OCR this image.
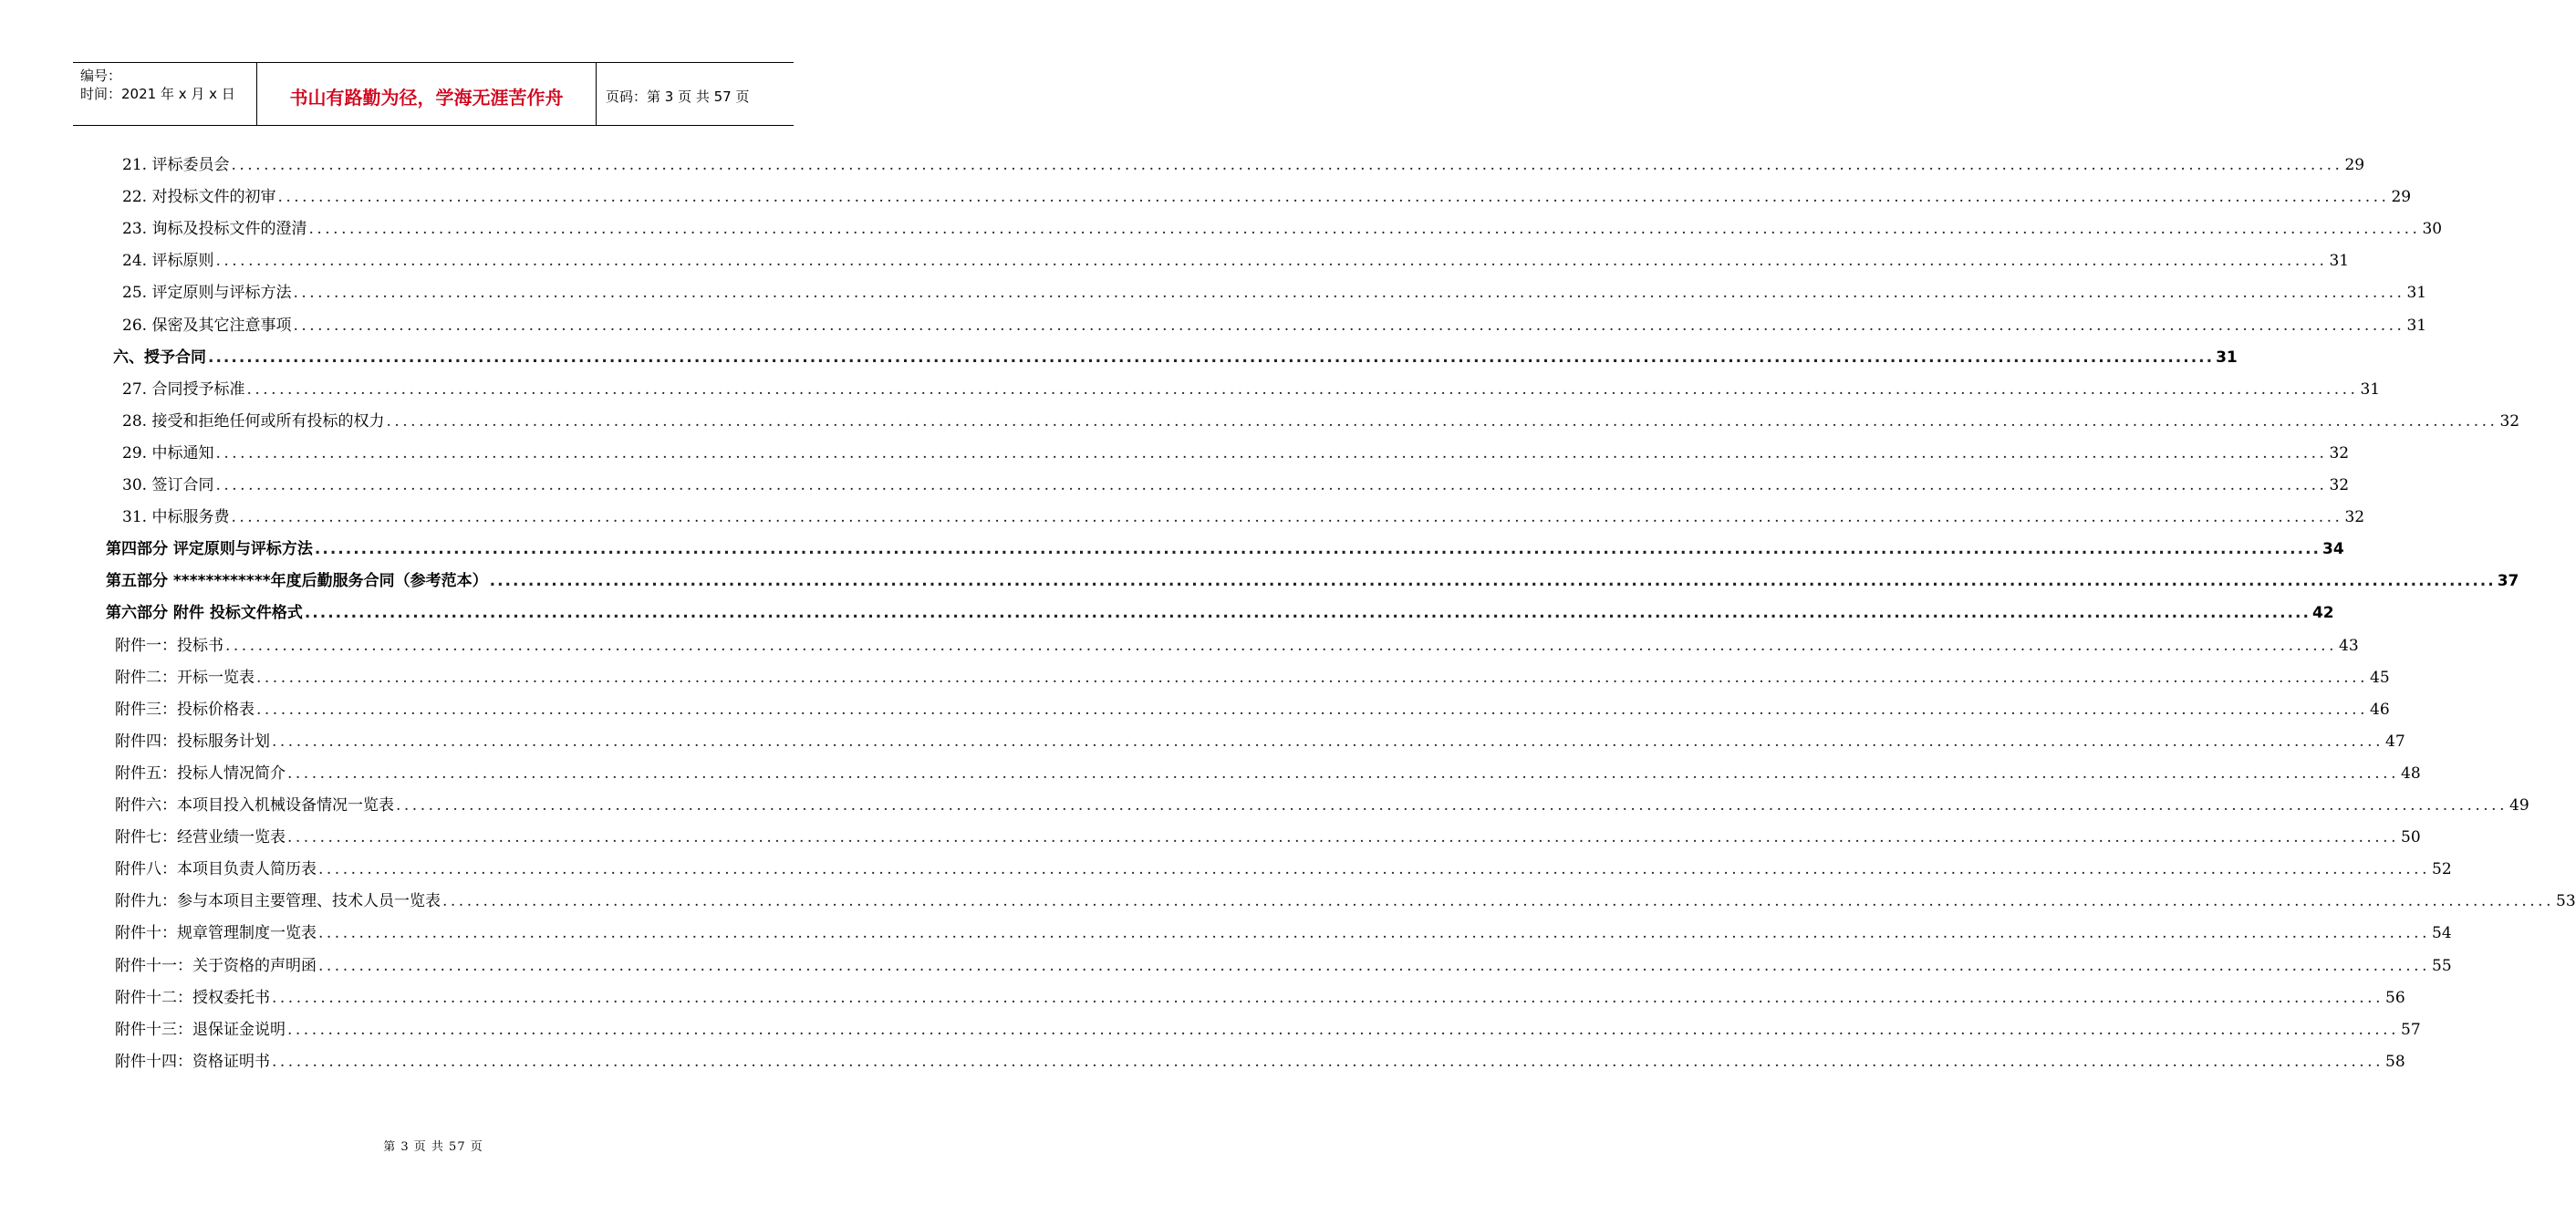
编号：
时间：2021 年 x 月 x 日	书山有路勤为径，学海无涯苦作舟	页码：第 3 页 共 57 页
21. 评标委员会 .................................................................................................................................................................................................................................................................... 29
22. 对投标文件的初审 .................................................................................................................................................................................................................................................................... 29
23. 询标及投标文件的澄清 .................................................................................................................................................................................................................................................................... 30
24. 评标原则 .................................................................................................................................................................................................................................................................... 31
25. 评定原则与评标方法 .................................................................................................................................................................................................................................................................... 31
26. 保密及其它注意事项 .................................................................................................................................................................................................................................................................... 31
六、授予合同 .................................................................................................................................................................................................................................................................... 31
27. 合同授予标准 .................................................................................................................................................................................................................................................................... 31
28. 接受和拒绝任何或所有投标的权力 .................................................................................................................................................................................................................................................................... 32
29. 中标通知 .................................................................................................................................................................................................................................................................... 32
30. 签订合同 .................................................................................................................................................................................................................................................................... 32
31. 中标服务费 .................................................................................................................................................................................................................................................................... 32
第四部分 评定原则与评标方法 .................................................................................................................................................................................................................................................................... 34
第五部分 ************年度后勤服务合同（参考范本） .................................................................................................................................................................................................................................................................... 37
第六部分 附件 投标文件格式 .................................................................................................................................................................................................................................................................... 42
附件一：投标书 .................................................................................................................................................................................................................................................................... 43
附件二：开标一览表 .................................................................................................................................................................................................................................................................... 45
附件三：投标价格表 .................................................................................................................................................................................................................................................................... 46
附件四：投标服务计划 .................................................................................................................................................................................................................................................................... 47
附件五：投标人情况简介 .................................................................................................................................................................................................................................................................... 48
附件六：本项目投入机械设备情况一览表 .................................................................................................................................................................................................................................................................... 49
附件七：经营业绩一览表 .................................................................................................................................................................................................................................................................... 50
附件八：本项目负责人简历表 .................................................................................................................................................................................................................................................................... 52
附件九：参与本项目主要管理、技术人员一览表 .................................................................................................................................................................................................................................................................... 53
附件十：规章管理制度一览表 .................................................................................................................................................................................................................................................................... 54
附件十一：关于资格的声明函 .................................................................................................................................................................................................................................................................... 55
附件十二：授权委托书 .................................................................................................................................................................................................................................................................... 56
附件十三：退保证金说明 .................................................................................................................................................................................................................................................................... 57
附件十四：资格证明书 .................................................................................................................................................................................................................................................................... 58
第 3 页 共 57 页
